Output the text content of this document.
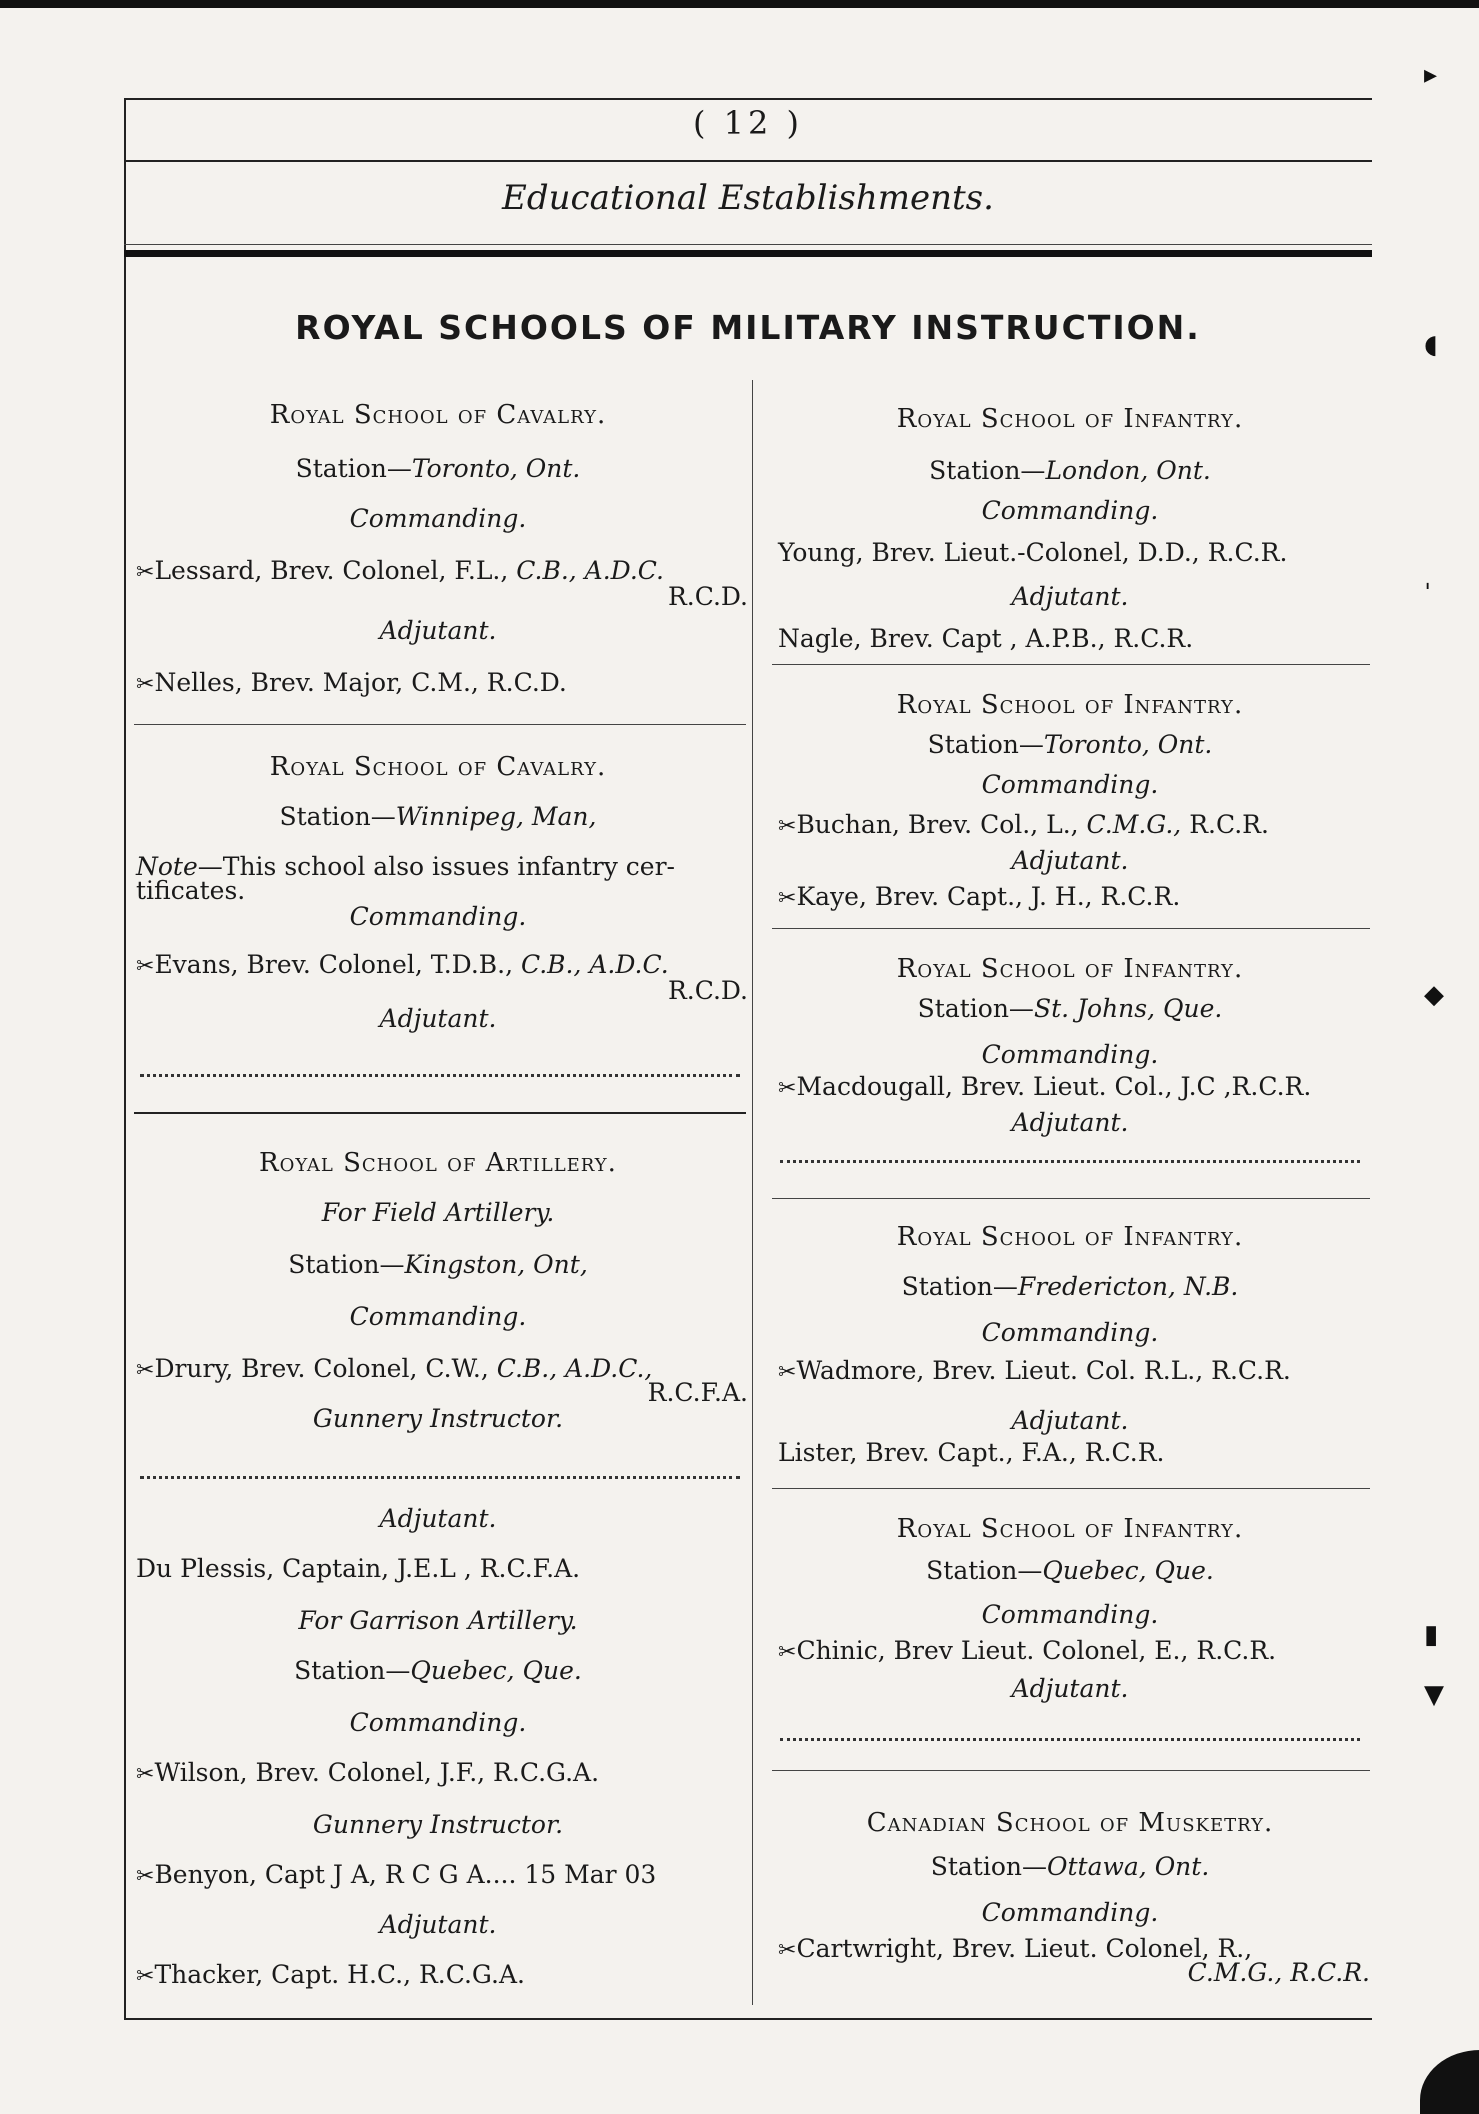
( 12 )
Educational Establishments.
ROYAL SCHOOLS OF MILITARY INSTRUCTION.
Royal School of Cavalry.
Station—Toronto, Ont.
Commanding.
✂Lessard, Brev. Colonel, F.L., C.B., A.D.C.
R.C.D.
Adjutant.
✂Nelles, Brev. Major, C.M., R.C.D.
Royal School of Cavalry.
Station—Winnipeg, Man,
Note—This school also issues infantry cer-
tificates.
Commanding.
✂Evans, Brev. Colonel, T.D.B., C.B., A.D.C.
R.C.D.
Adjutant.
Royal School of Artillery.
For Field Artillery.
Station—Kingston, Ont,
Commanding.
✂Drury, Brev. Colonel, C.W., C.B., A.D.C.,
R.C.F.A.
Gunnery Instructor.
Adjutant.
Du Plessis, Captain, J.E.L , R.C.F.A.
For Garrison Artillery.
Station—Quebec, Que.
Commanding.
✂Wilson, Brev. Colonel, J.F., R.C.G.A.
Gunnery Instructor.
✂Benyon, Capt J A, R C G A.... 15 Mar 03
Adjutant.
✂Thacker, Capt. H.C., R.C.G.A.
Royal School of Infantry.
Station—London, Ont.
Commanding.
Young, Brev. Lieut.-Colonel, D.D., R.C.R.
Adjutant.
Nagle, Brev. Capt , A.P.B., R.C.R.
Royal School of Infantry.
Station—Toronto, Ont.
Commanding.
✂Buchan, Brev. Col., L., C.M.G., R.C.R.
Adjutant.
✂Kaye, Brev. Capt., J. H., R.C.R.
Royal School of Infantry.
Station—St. Johns, Que.
Commanding.
✂Macdougall, Brev. Lieut. Col., J.C ,R.C.R.
Adjutant.
Royal School of Infantry.
Station—Fredericton, N.B.
Commanding.
✂Wadmore, Brev. Lieut. Col. R.L., R.C.R.
Adjutant.
Lister, Brev. Capt., F.A., R.C.R.
Royal School of Infantry.
Station—Quebec, Que.
Commanding.
✂Chinic, Brev Lieut. Colonel, E., R.C.R.
Adjutant.
Canadian School of Musketry.
Station—Ottawa, Ont.
Commanding.
✂Cartwright, Brev. Lieut. Colonel, R.,
C.M.G., R.C.R.
▸
◖
ˈ
◆
▮
▼
